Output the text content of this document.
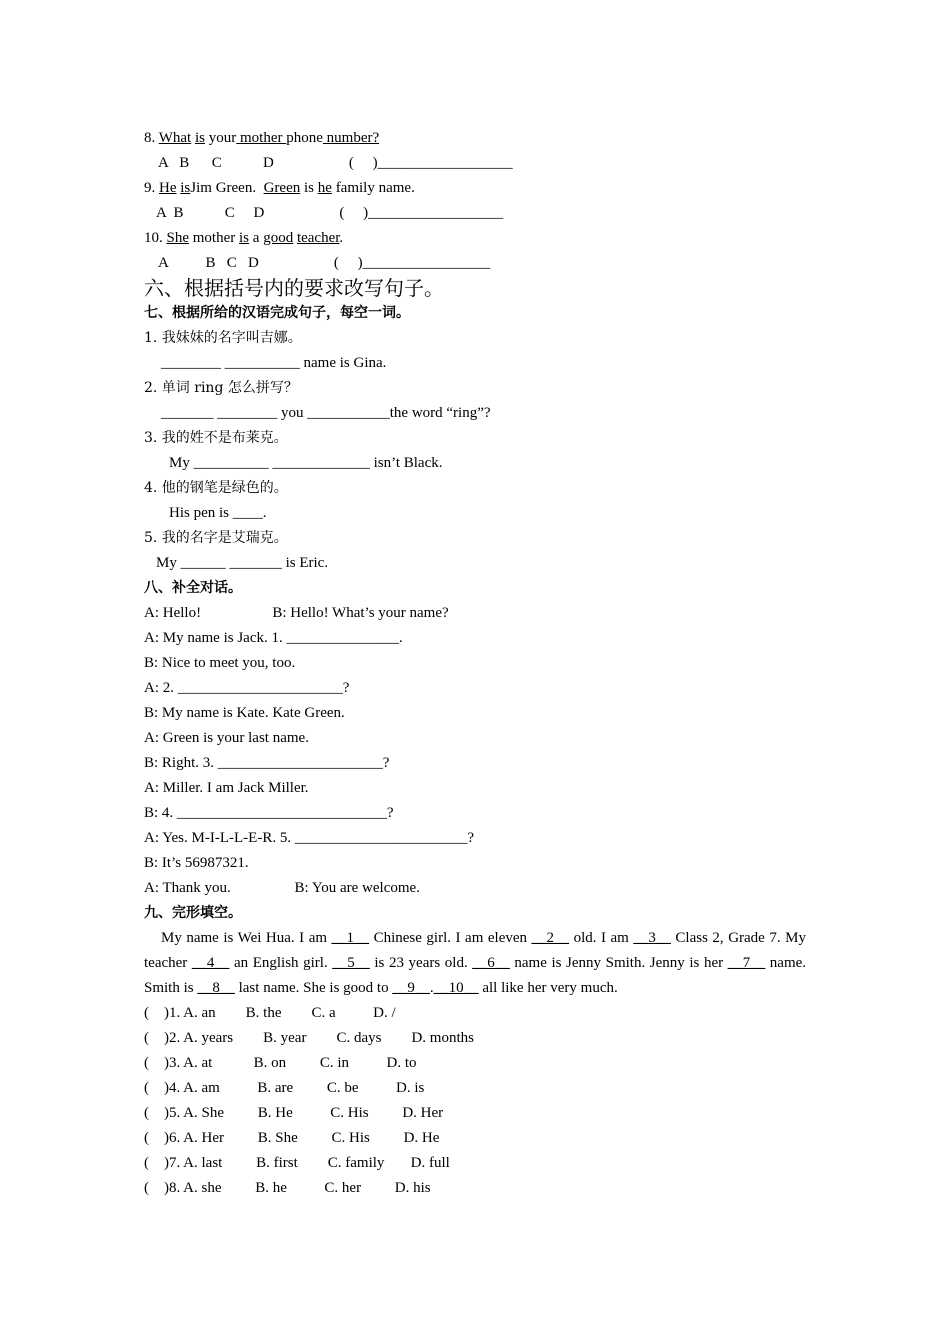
8. What is your mother phone number?
A   B      C           D                    (     )__________________
9. He isJim Green.  Green is he family name.
A  B           C     D                    (     )__________________
10. She mother is a good teacher.
A          B   C   D                    (     )_________________
六、根据括号内的要求改写句子。
七、根据所给的汉语完成句子，每空一词。
1. 我妹妹的名字叫吉娜。
________ __________ name is Gina.
2. 单词 ring 怎么拼写？
_______ ________ you ___________the word “ring”?
3. 我的姓不是布莱克。
My __________ _____________ isn’t Black.
4. 他的钢笔是绿色的。
His pen is ____.
5. 我的名字是艾瑞克。
My ______ _______ is Eric.
八、补全对话。
A: Hello!                   B: Hello! What’s your name?
A: My name is Jack. 1. _______________.
B: Nice to meet you, too.
A: 2. ______________________?
B: My name is Kate. Kate Green.
A: Green is your last name.
B: Right. 3. ______________________?
A: Miller. I am Jack Miller.
B: 4. ____________________________?
A: Yes. M-I-L-L-E-R. 5. _______________________?
B: It’s 56987321.
A: Thank you.                 B: You are welcome.
九、完形填空。
My name is Wei Hua. I am __1__ Chinese girl. I am eleven __2__ old. I am __3__ Class 2, Grade 7. My teacher __4__ an English girl. __5__ is 23 years old. __6__ name is Jenny Smith. Jenny is her __7__ name. Smith is __8__ last name. She is good to __9__.__10__ all like her very much.
(    )1. A. an        B. the        C. a          D. /
(    )2. A. years        B. year        C. days        D. months
(    )3. A. at           B. on         C. in          D. to
(    )4. A. am          B. are         C. be          D. is
(    )5. A. She         B. He          C. His         D. Her
(    )6. A. Her         B. She         C. His         D. He
(    )7. A. last         B. first        C. family       D. full
(    )8. A. she         B. he          C. her         D. his
